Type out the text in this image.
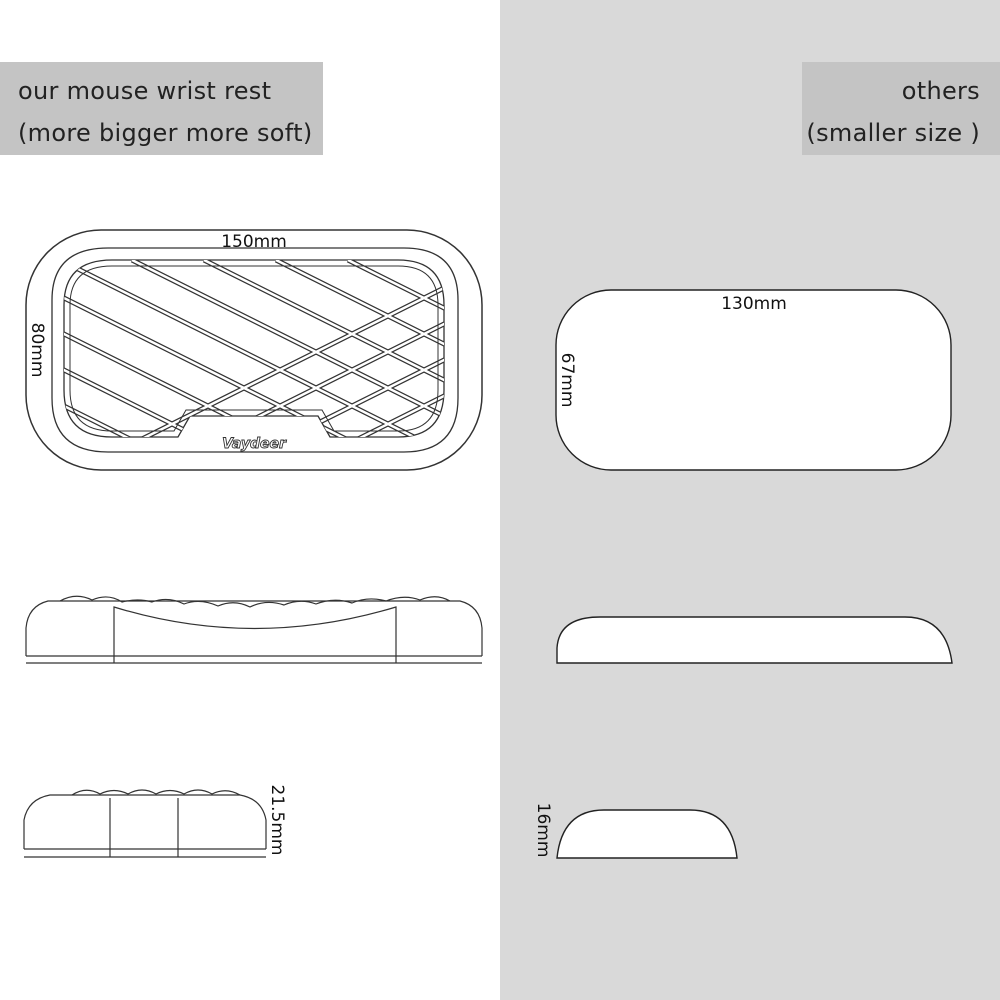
our mouse wrist rest
(more bigger more soft)
others
(smaller size )
150mm
80mm
Vaydeer
21.5mm
130mm
67mm
16mm
